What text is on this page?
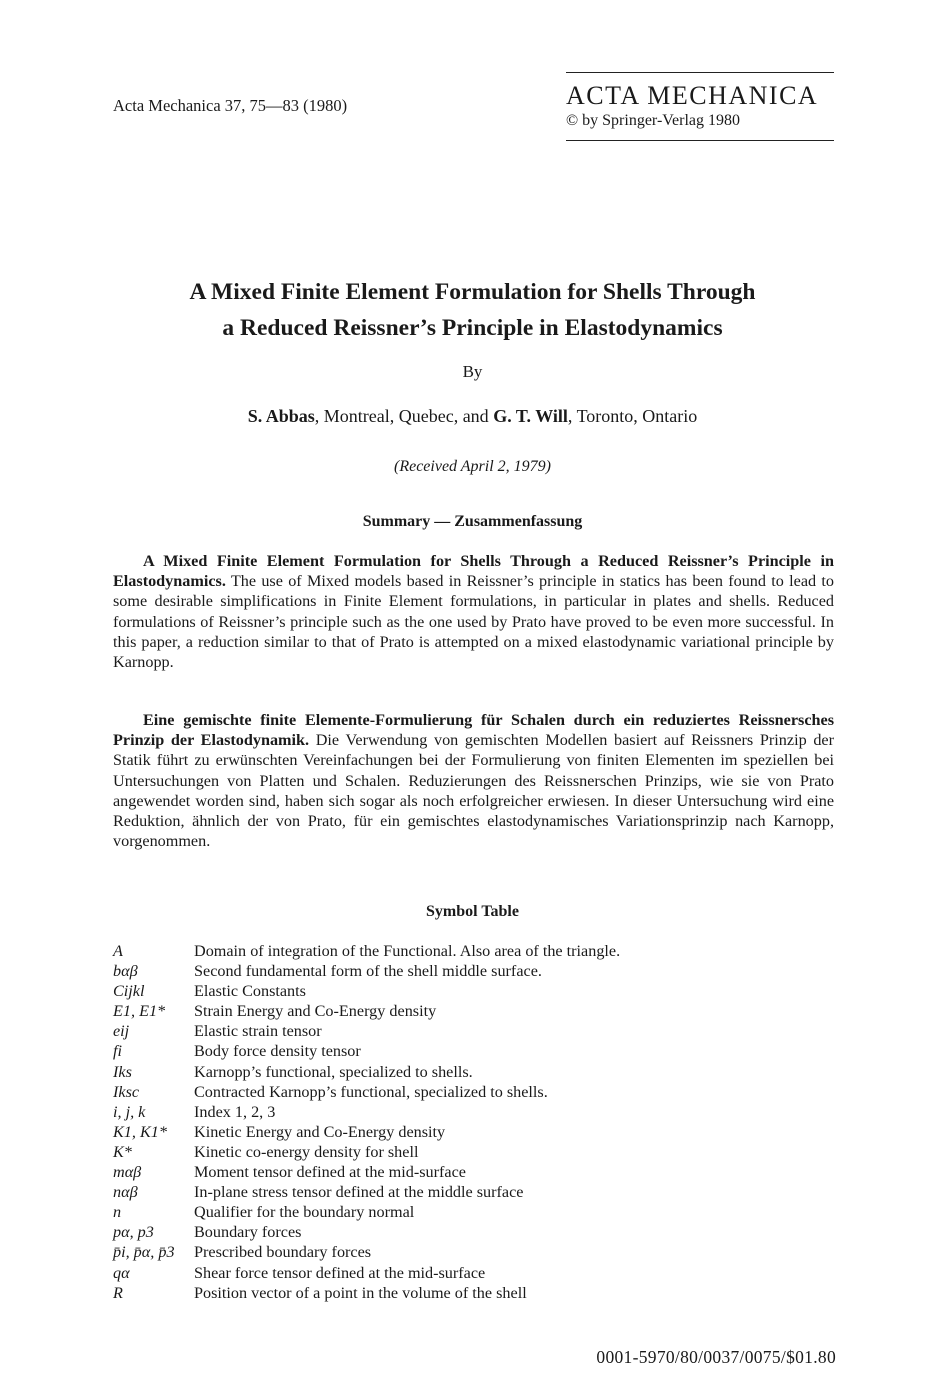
Acta Mechanica 37, 75—83 (1980)	ACTA MECHANICA
© by Springer-Verlag 1980
A Mixed Finite Element Formulation for Shells Through
a Reduced Reissner’s Principle in Elastodynamics
By
S. Abbas, Montreal, Quebec, and G. T. Will, Toronto, Ontario
(Received April 2, 1979)
Summary — Zusammenfassung
A Mixed Finite Element Formulation for Shells Through a Reduced Reissner’s Principle in Elastodynamics. The use of Mixed models based in Reissner’s principle in statics has been found to lead to some desirable simplifications in Finite Element formulations, in particular in plates and shells. Reduced formulations of Reissner’s principle such as the one used by Prato have proved to be even more successful. In this paper, a reduction similar to that of Prato is attempted on a mixed elastodynamic variational principle by Karnopp.
Eine gemischte finite Elemente-Formulierung für Schalen durch ein reduziertes Reissnersches Prinzip der Elastodynamik. Die Verwendung von gemischten Modellen basiert auf Reissners Prinzip der Statik führt zu erwünschten Vereinfachungen bei der Formulierung von finiten Elementen im speziellen bei Untersuchungen von Platten und Schalen. Reduzierungen des Reissnerschen Prinzips, wie sie von Prato angewendet worden sind, haben sich sogar als noch erfolgreicher erwiesen. In dieser Untersuchung wird eine Reduktion, ähnlich der von Prato, für ein gemischtes elastodynamisches Variationsprinzip nach Karnopp, vorgenommen.
Symbol Table
A	Domain of integration of the Functional. Also area of the triangle.
bαβ	Second fundamental form of the shell middle surface.
Cijkl	Elastic Constants
E1, E1*	Strain Energy and Co-Energy density
eij	Elastic strain tensor
fi	Body force density tensor
Iks	Karnopp’s functional, specialized to shells.
Iksc	Contracted Karnopp’s functional, specialized to shells.
i, j, k	Index 1, 2, 3
K1, K1*	Kinetic Energy and Co-Energy density
K*	Kinetic co-energy density for shell
mαβ	Moment tensor defined at the mid-surface
nαβ	In-plane stress tensor defined at the middle surface
n	Qualifier for the boundary normal
pα, p3	Boundary forces
p̄i, p̄α, p̄3	Prescribed boundary forces
qα	Shear force tensor defined at the mid-surface
R	Position vector of a point in the volume of the shell
0001-5970/80/0037/0075/$01.80
